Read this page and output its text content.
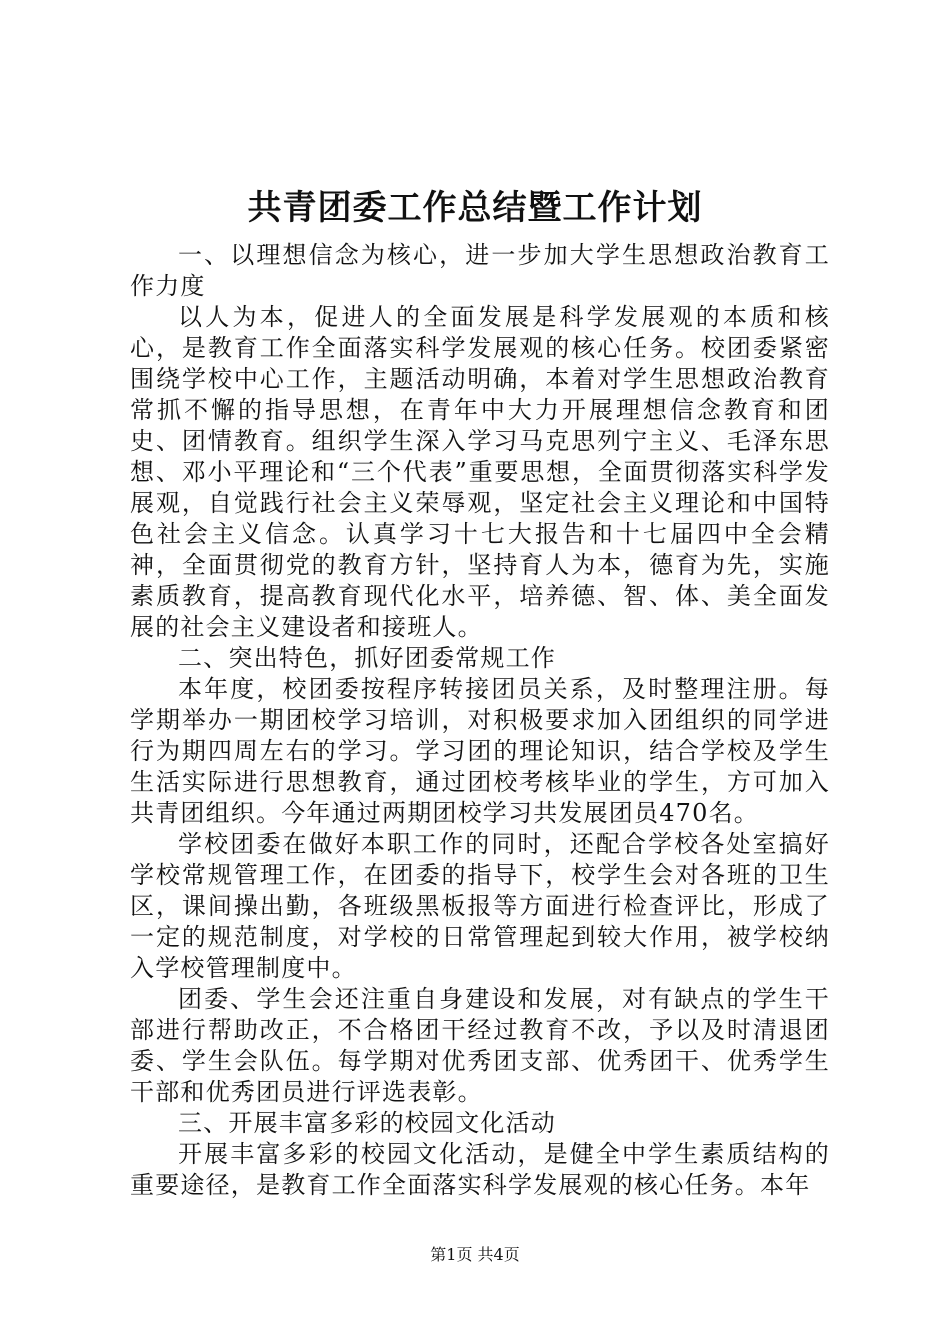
共青团委工作总结暨工作计划

一、以理想信念为核心，进一步加大学生思想政治教育工作力度

以人为本，促进人的全面发展是科学发展观的本质和核心，是教育工作全面落实科学发展观的核心任务。校团委紧密围绕学校中心工作，主题活动明确，本着对学生思想政治教育常抓不懈的指导思想，在青年中大力开展理想信念教育和团史、团情教育。组织学生深入学习马克思列宁主义、毛泽东思想、邓小平理论和“三个代表”重要思想，全面贯彻落实科学发展观，自觉践行社会主义荣辱观，坚定社会主义理论和中国特色社会主义信念。认真学习十七大报告和十七届四中全会精神，全面贯彻党的教育方针，坚持育人为本，德育为先，实施素质教育，提高教育现代化水平，培养德、智、体、美全面发展的社会主义建设者和接班人。

二、突出特色，抓好团委常规工作

本年度，校团委按程序转接团员关系，及时整理注册。每学期举办一期团校学习培训，对积极要求加入团组织的同学进行为期四周左右的学习。学习团的理论知识，结合学校及学生生活实际进行思想教育，通过团校考核毕业的学生，方可加入共青团组织。今年通过两期团校学习共发展团员470名。

学校团委在做好本职工作的同时，还配合学校各处室搞好学校常规管理工作，在团委的指导下，校学生会对各班的卫生区，课间操出勤，各班级黑板报等方面进行检查评比，形成了一定的规范制度，对学校的日常管理起到较大作用，被学校纳入学校管理制度中。

团委、学生会还注重自身建设和发展，对有缺点的学生干部进行帮助改正，不合格团干经过教育不改，予以及时清退团委、学生会队伍。每学期对优秀团支部、优秀团干、优秀学生干部和优秀团员进行评选表彰。

三、开展丰富多彩的校园文化活动

开展丰富多彩的校园文化活动，是健全中学生素质结构的重要途径，是教育工作全面落实科学发展观的核心任务。本年

第1页 共4页
